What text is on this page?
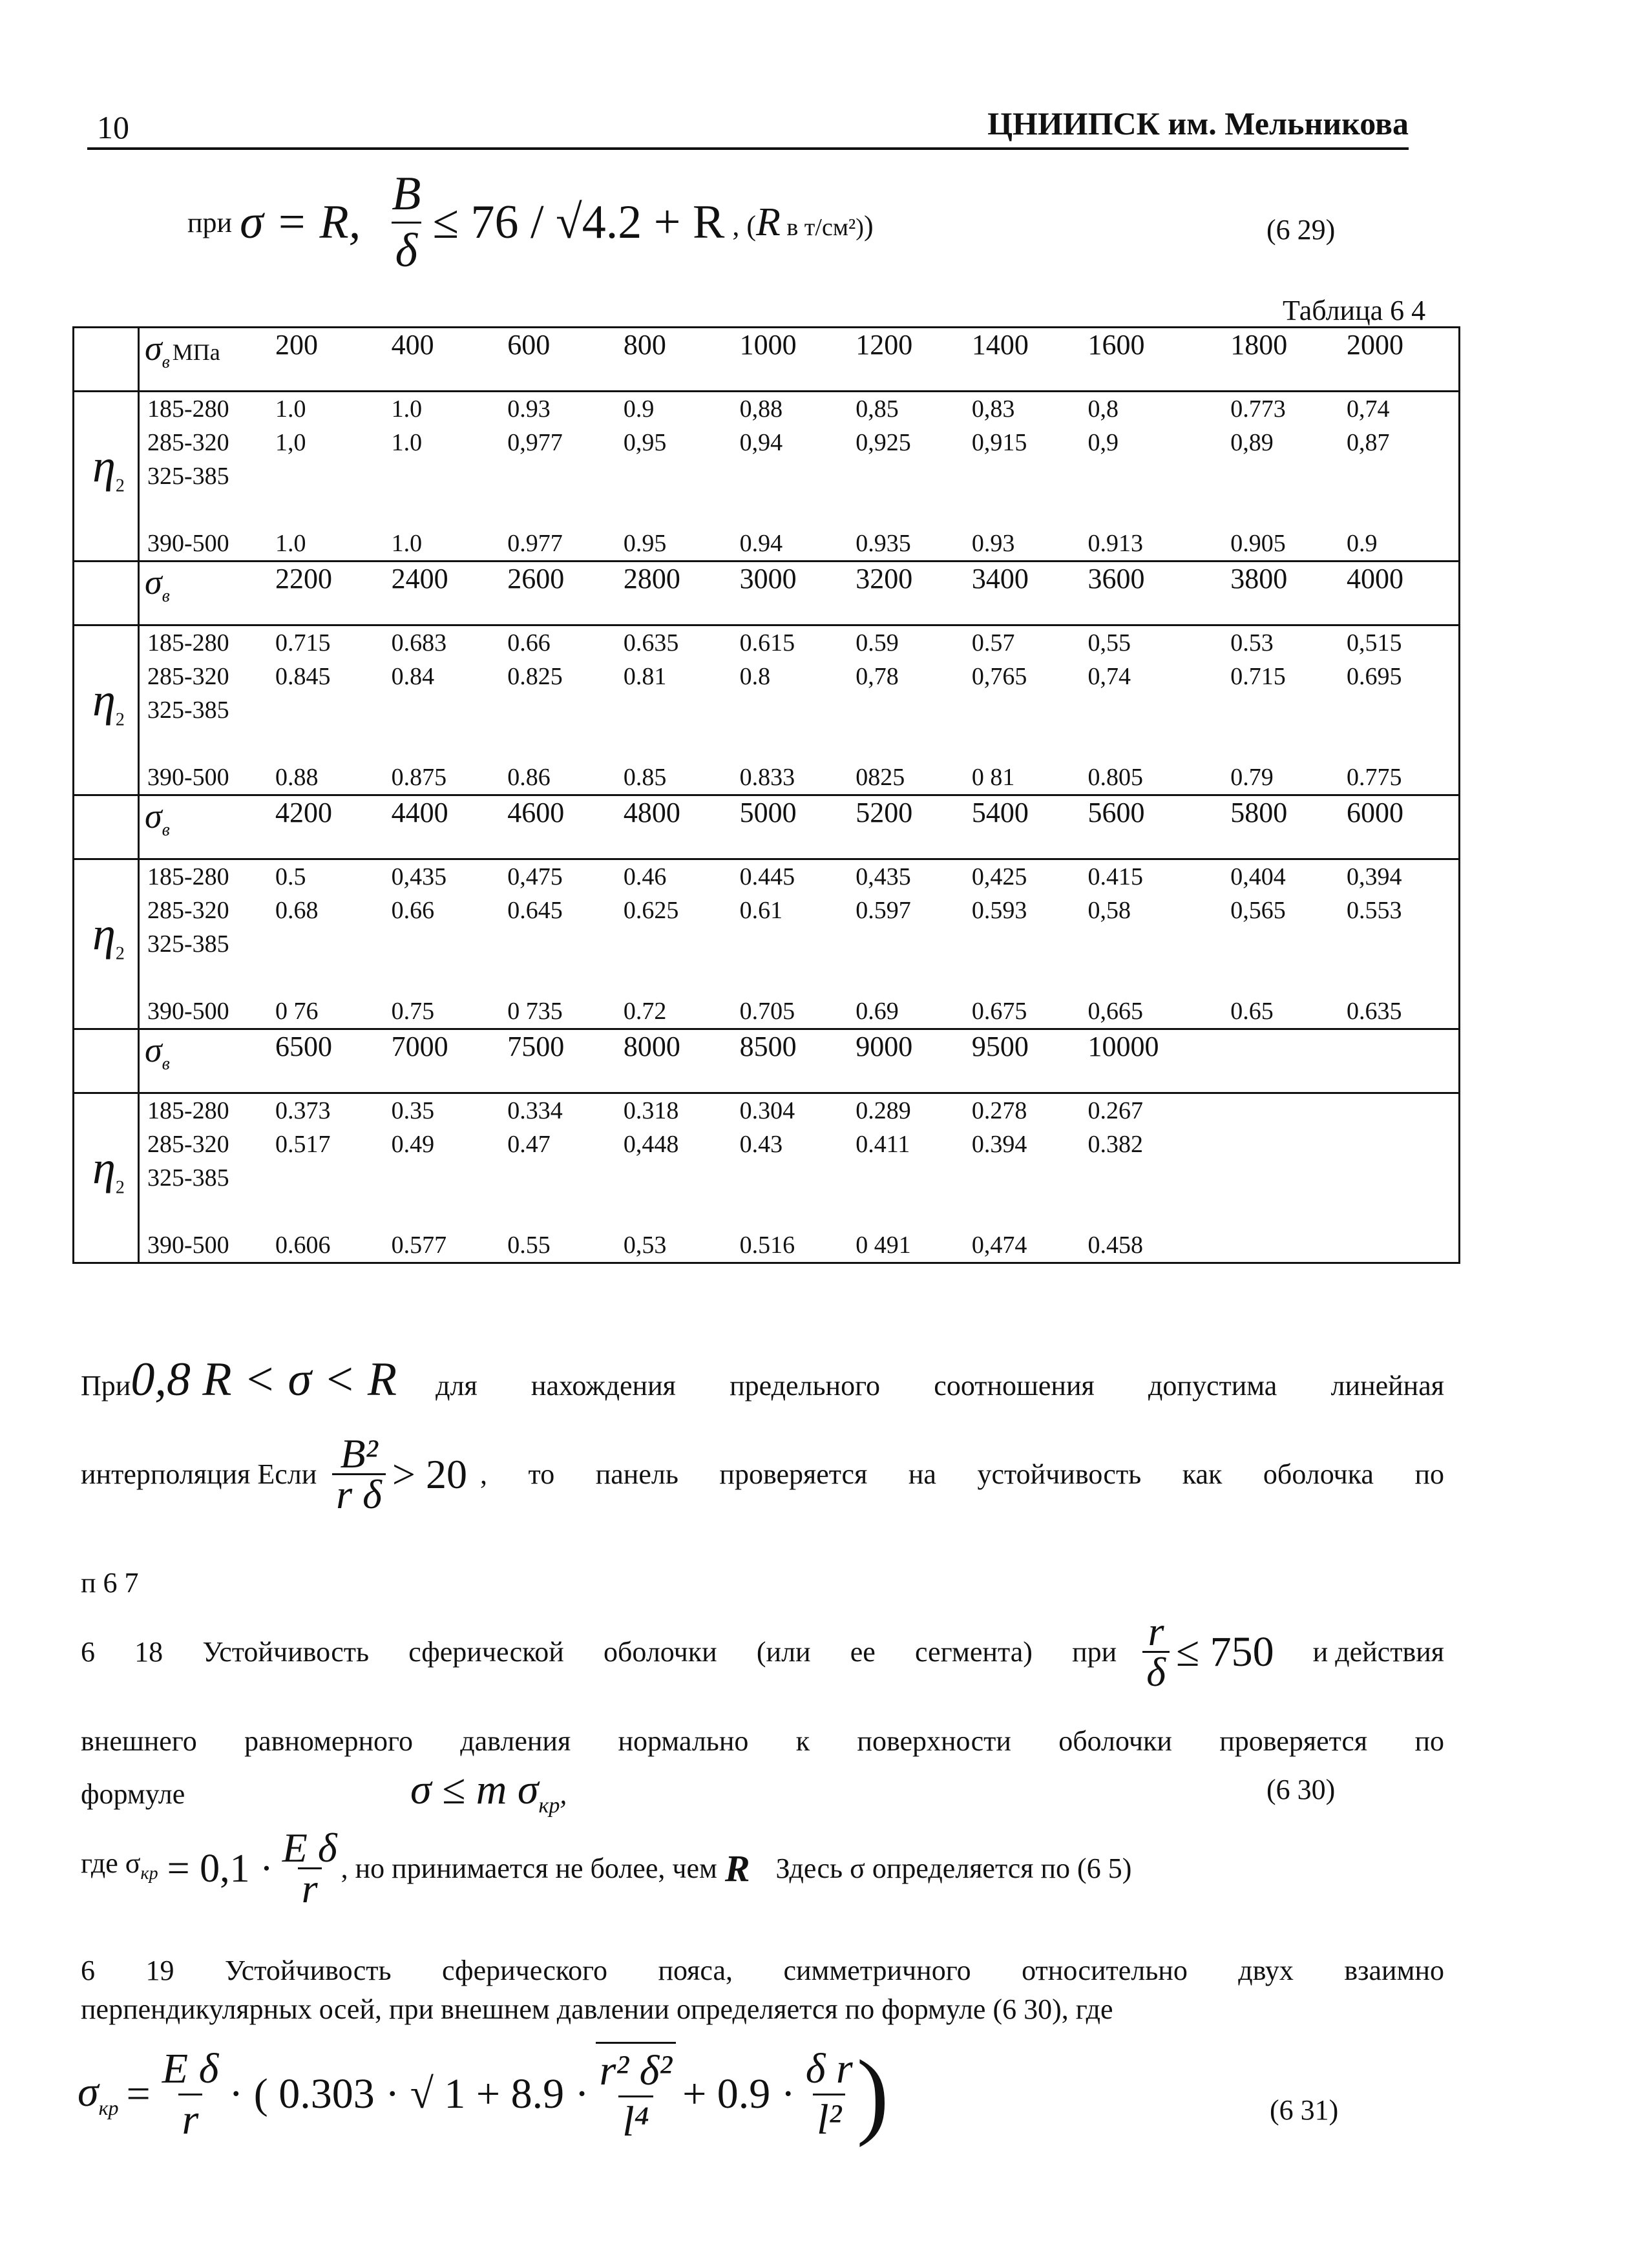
10	ЦНИИПСК им. Мельникова
при σ = R, $\frac{B}{\delta} \le 76 / √4.2 + R$ , (R в т/см²))	(6 29)
Таблица 6 4
	$\sigma_в$ МПа	200	400	600	800	1000	1200	1400	1600	1800	2000
$\eta_2$	185-280	1.0	1.0	0.93	0.9	0,88	0,85	0,83	0,8	0.773	0,74
	285-320	1,0	1.0	0,977	0,95	0,94	0,925	0,915	0,9	0,89	0,87
	325-385										

	390-500	1.0	1.0	0.977	0.95	0.94	0.935	0.93	0.913	0.905	0.9
	$\sigma_в$	2200	2400	2600	2800	3000	3200	3400	3600	3800	4000
$\eta_2$	185-280	0.715	0.683	0.66	0.635	0.615	0.59	0.57	0,55	0.53	0,515
	285-320	0.845	0.84	0.825	0.81	0.8	0,78	0,765	0,74	0.715	0.695
	325-385										

	390-500	0.88	0.875	0.86	0.85	0.833	0825	0 81	0.805	0.79	0.775
	$\sigma_в$	4200	4400	4600	4800	5000	5200	5400	5600	5800	6000
$\eta_2$	185-280	0.5	0,435	0,475	0.46	0.445	0,435	0,425	0.415	0,404	0,394
	285-320	0.68	0.66	0.645	0.625	0.61	0.597	0.593	0,58	0,565	0.553
	325-385										

	390-500	0 76	0.75	0 735	0.72	0.705	0.69	0.675	0,665	0.65	0.635
	$\sigma_в$	6500	7000	7500	8000	8500	9000	9500	10000		
$\eta_2$	185-280	0.373	0.35	0.334	0.318	0.304	0.289	0.278	0.267		
	285-320	0.517	0.49	0.47	0,448	0.43	0.411	0.394	0.382		
	325-385										

	390-500	0.606	0.577	0.55	0,53	0.516	0 491	0,474	0.458		
При 0,8 R < σ < R для нахождения предельного соотношения допустима линейная
интерполяция Если $\frac{\text{B²}}{\text{r δ}} > 20$ , то панель проверяется на устойчивость как оболочка по
п 6 7
6 18 Устойчивость сферической оболочки (или ее сегмента) при $\frac{r}{\delta} \le 750$ и действия
внешнего равномерного давления нормально к поверхности оболочки проверяется по
формуле	σ ≤ m $\sigma_{кр}$,	(6 30)
где $\sigma_{кр} = 0,1 \cdot \frac{\text{E δ}}{r}$ , но принимается не более, чем R Здесь σ определяется по (6 5)
6 19 Устойчивость сферического пояса, симметричного относительно двух взаимно
перпендикулярных осей, при внешнем давлении определяется по формуле (6 30), где
$\sigma_{кр} = \frac{\text{E δ}}{r}$ · ( 0.303 · √ $1 + 8.9 \cdot \frac{\text{r² δ²}}{\text{l⁴}} + 0.9 \cdot \frac{\text{δ r}}{\text{l²}}$ )	(6 31)
